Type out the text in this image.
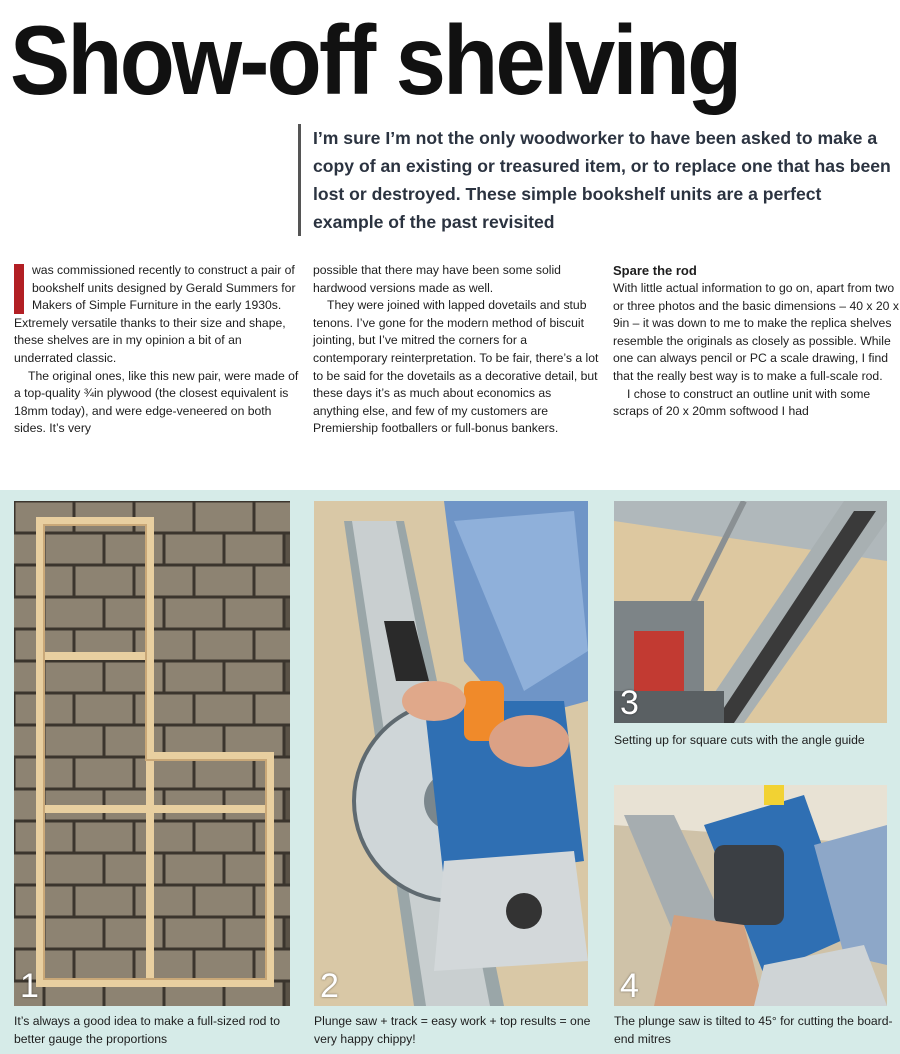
Show-off shelving
I’m sure I’m not the only woodworker to have been asked to make a copy of an existing or treasured item, or to replace one that has been lost or destroyed. These simple bookshelf units are a perfect example of the past revisited

was commissioned recently to construct a pair of bookshelf units designed by Gerald Summers for Makers of Simple Furniture in the early 1930s. Extremely versatile thanks to their size and shape, these shelves are in my opinion a bit of an underrated classic.

The original ones, like this new pair, were made of a top-quality ¾in plywood (the closest equivalent is 18mm today), and were edge-veneered on both sides. It’s very

possible that there may have been some solid hardwood versions made as well.

They were joined with lapped dovetails and stub tenons. I’ve gone for the modern method of biscuit jointing, but I’ve mitred the corners for a contemporary reinterpretation. To be fair, there’s a lot to be said for the dovetails as a decorative detail, but these days it’s as much about economics as anything else, and few of my customers are Premiership footballers or full-bonus bankers.

Spare the rod

With little actual information to go on, apart from two or three photos and the basic dimensions – 40 x 20 x 9in – it was down to me to make the replica shelves resemble the originals as closely as possible. While one can always pencil or PC a scale drawing, I find that the really best way is to make a full-scale rod.

I chose to construct an outline unit with some scraps of 20 x 20mm softwood I had

1	2
3
4
It’s always a good idea to make a full-sized rod to better gauge the proportions
Plunge saw + track = easy work + top results = one very happy chippy!
Setting up for square cuts with the angle guide
The plunge saw is tilted to 45° for cutting the board-end mitres
